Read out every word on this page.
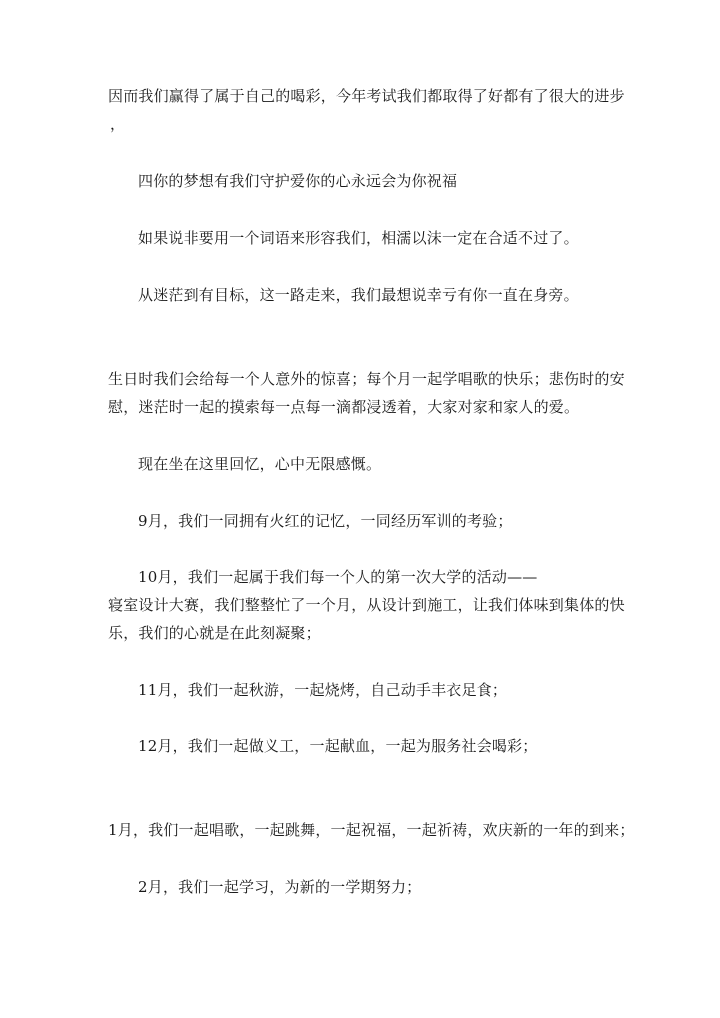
因而我们赢得了属于自己的喝彩，今年考试我们都取得了好都有了很大的进步
，
四你的梦想有我们守护爱你的心永远会为你祝福
如果说非要用一个词语来形容我们，相濡以沫一定在合适不过了。
从迷茫到有目标，这一路走来，我们最想说幸亏有你一直在身旁。
生日时我们会给每一个人意外的惊喜；每个月一起学唱歌的快乐；悲伤时的安
慰，迷茫时一起的摸索每一点每一滴都浸透着，大家对家和家人的爱。
现在坐在这里回忆，心中无限感慨。
9月，我们一同拥有火红的记忆，一同经历军训的考验；
10月，我们一起属于我们每一个人的第一次大学的活动——
寝室设计大赛，我们整整忙了一个月，从设计到施工，让我们体味到集体的快
乐，我们的心就是在此刻凝聚；
11月，我们一起秋游，一起烧烤，自己动手丰衣足食；
12月，我们一起做义工，一起献血，一起为服务社会喝彩；
1月，我们一起唱歌，一起跳舞，一起祝福，一起祈祷，欢庆新的一年的到来；
2月，我们一起学习，为新的一学期努力；
